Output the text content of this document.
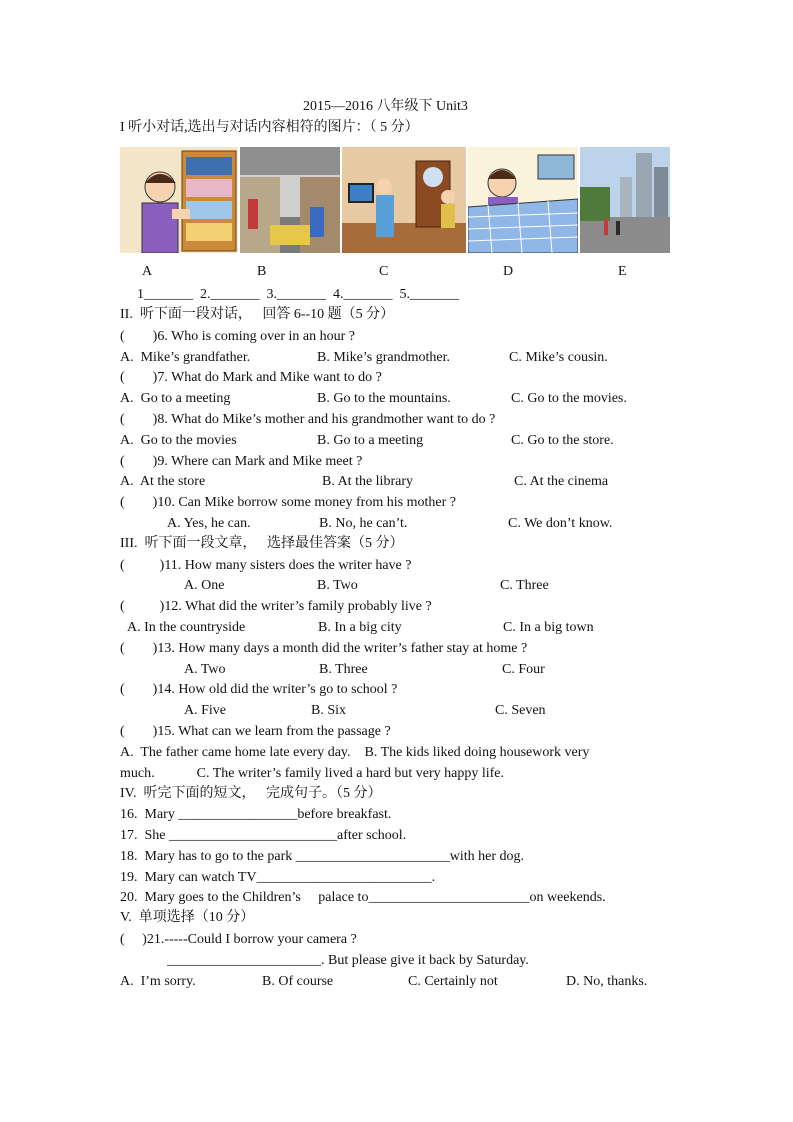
2015—2016 八年级下 Unit3
I 听小对话,选出与对话内容相符的图片：（ 5 分）
A	B	C	D	E
1_______  2._______  3._______  4._______  5._______
II.  听下面一段对话，   回答 6--10 题（5 分）
(        )6. Who is coming over in an hour ?
A.  Mike’s grandfather.	B. Mike’s grandmother.	C. Mike’s cousin.
(        )7. What do Mark and Mike want to do ?
A.  Go to a meeting	B. Go to the mountains.	C. Go to the movies.
(        )8. What do Mike’s mother and his grandmother want to do ?
A.  Go to the movies	B. Go to a meeting	C. Go to the store.
(        )9. Where can Mark and Mike meet ?
A.  At the store	B. At the library	C. At the cinema
(        )10. Can Mike borrow some money from his mother ?
A. Yes, he can.	B. No, he can’t.	C. We don’t know.
III.  听下面一段文章，   选择最佳答案（5 分）
(          )11. How many sisters does the writer have ?
A. One	B. Two	C. Three
(          )12. What did the writer’s family probably live ?
A. In the countryside	B. In a big city	C. In a big town
(        )13. How many days a month did the writer’s father stay at home ?
A. Two	B. Three	C. Four
(        )14. How old did the writer’s go to school ?
A. Five	B. Six	C. Seven
(        )15. What can we learn from the passage ?
A.  The father came home late every day.    B. The kids liked doing housework very
much.            C. The writer’s family lived a hard but very happy life.
IV.  听完下面的短文，   完成句子。（5 分）
16.  Mary _________________before breakfast.
17.  She ________________________after school.
18.  Mary has to go to the park ______________________with her dog.
19.  Mary can watch TV_________________________.
20.  Mary goes to the Children’s     palace to_______________________on weekends.
V.  单项选择（10 分）
(     )21.-----Could I borrow your camera ?
______________________. But please give it back by Saturday.
A.  I’m sorry.	B. Of course	C. Certainly not	D. No, thanks.
